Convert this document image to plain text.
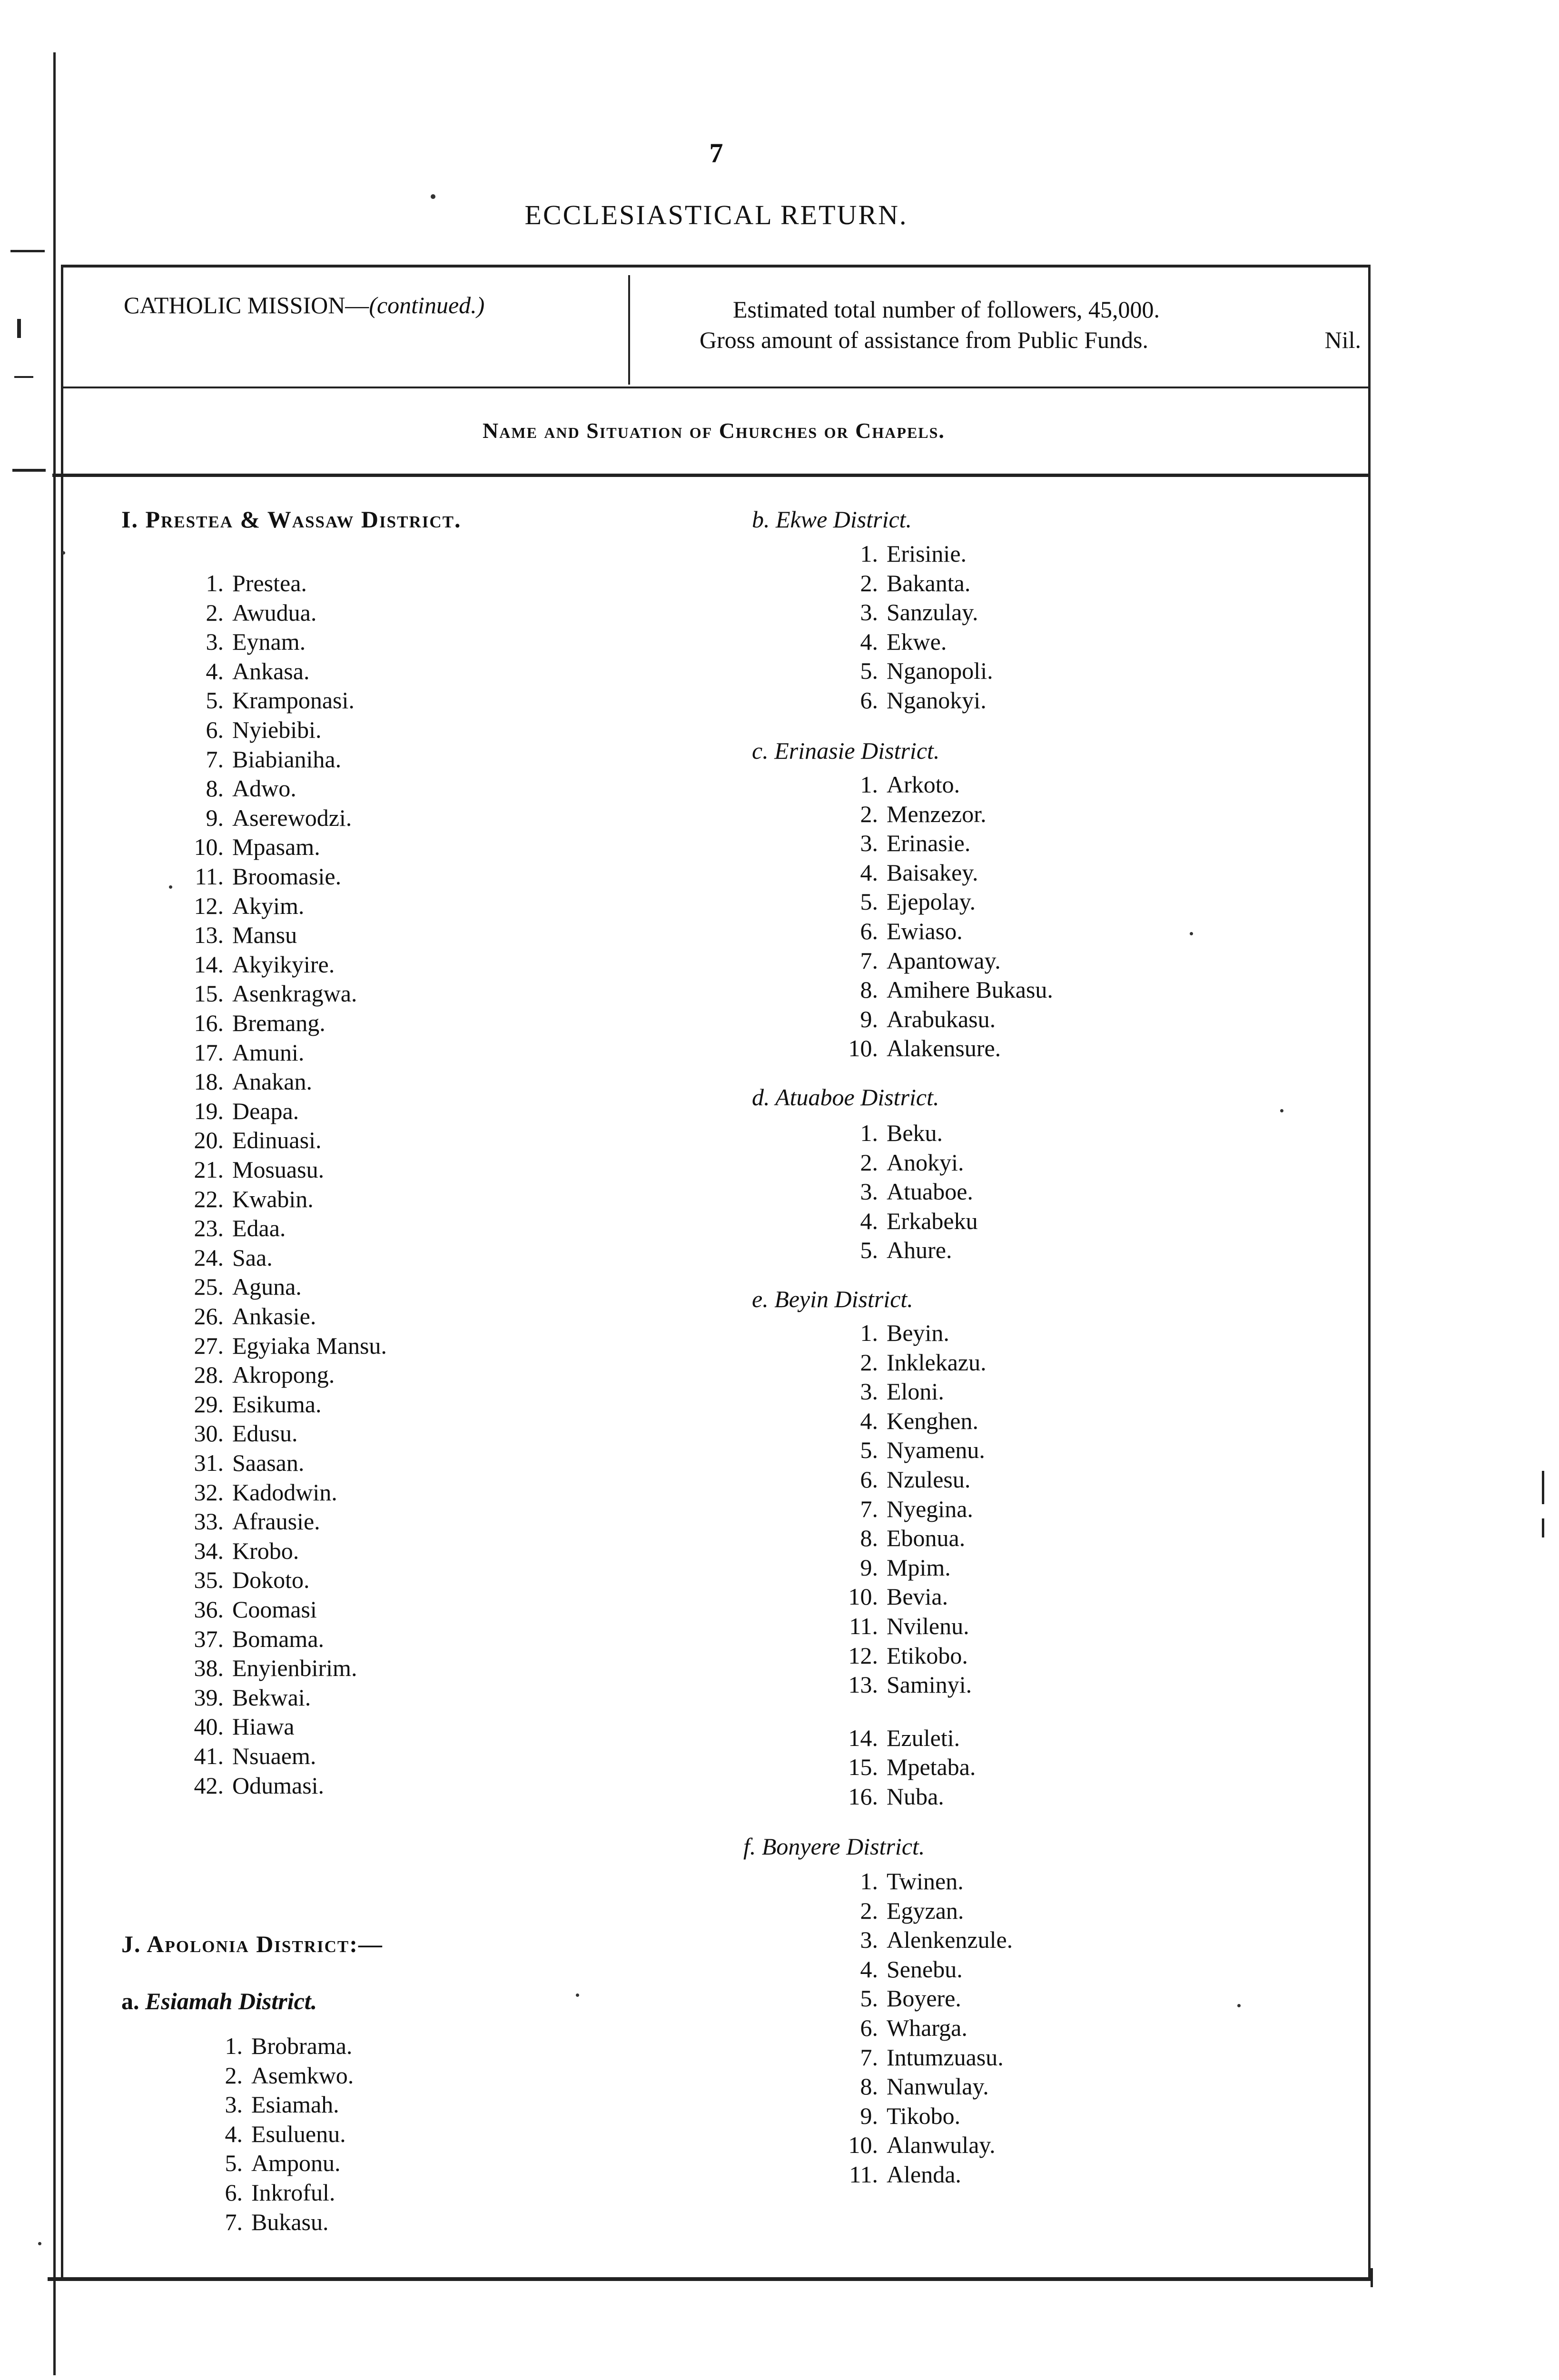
7
ECCLESIASTICAL RETURN.
CATHOLIC MISSION—(continued.)	Estimated total number of followers, 45,000.
Gross amount of assistance from Public Funds.	Nil.
Name and Situation of Churches or Chapels.
I. Prestea & Wassaw District.
1. Prestea.
2. Awudua.
3. Eynam.
4. Ankasa.
5. Kramponasi.
6. Nyiebibi.
7. Biabianiha.
8. Adwo.
9. Aserewodzi.
10. Mpasam.
11. Broomasie.
12. Akyim.
13. Mansu
14. Akyikyire.
15. Asenkragwa.
16. Bremang.
17. Amuni.
18. Anakan.
19. Deapa.
20. Edinuasi.
21. Mosuasu.
22. Kwabin.
23. Edaa.
24. Saa.
25. Aguna.
26. Ankasie.
27. Egyiaka Mansu.
28. Akropong.
29. Esikuma.
30. Edusu.
31. Saasan.
32. Kadodwin.
33. Afrausie.
34. Krobo.
35. Dokoto.
36. Coomasi
37. Bomama.
38. Enyienbirim.
39. Bekwai.
40. Hiawa
41. Nsuaem.
42. Odumasi.
J. Apolonia District:—
a. Esiamah District.
1. Brobrama.
2. Asemkwo.
3. Esiamah.
4. Esuluenu.
5. Amponu.
6. Inkroful.
7. Bukasu.
b. Ekwe District.
1. Erisinie.
2. Bakanta.
3. Sanzulay.
4. Ekwe.
5. Nganopoli.
6. Nganokyi.
c. Erinasie District.
1. Arkoto.
2. Menzezor.
3. Erinasie.
4. Baisakey.
5. Ejepolay.
6. Ewiaso.
7. Apantoway.
8. Amihere Bukasu.
9. Arabukasu.
10. Alakensure.
d. Atuaboe District.
1. Beku.
2. Anokyi.
3. Atuaboe.
4. Erkabeku
5. Ahure.
e. Beyin District.
1. Beyin.
2. Inklekazu.
3. Eloni.
4. Kenghen.
5. Nyamenu.
6. Nzulesu.
7. Nyegina.
8. Ebonua.
9. Mpim.
10. Bevia.
11. Nvilenu.
12. Etikobo.
13. Saminyi.
14. Ezuleti.
15. Mpetaba.
16. Nuba.
f. Bonyere District.
1. Twinen.
2. Egyzan.
3. Alenkenzule.
4. Senebu.
5. Boyere.
6. Wharga.
7. Intumzuasu.
8. Nanwulay.
9. Tikobo.
10. Alanwulay.
11. Alenda.
